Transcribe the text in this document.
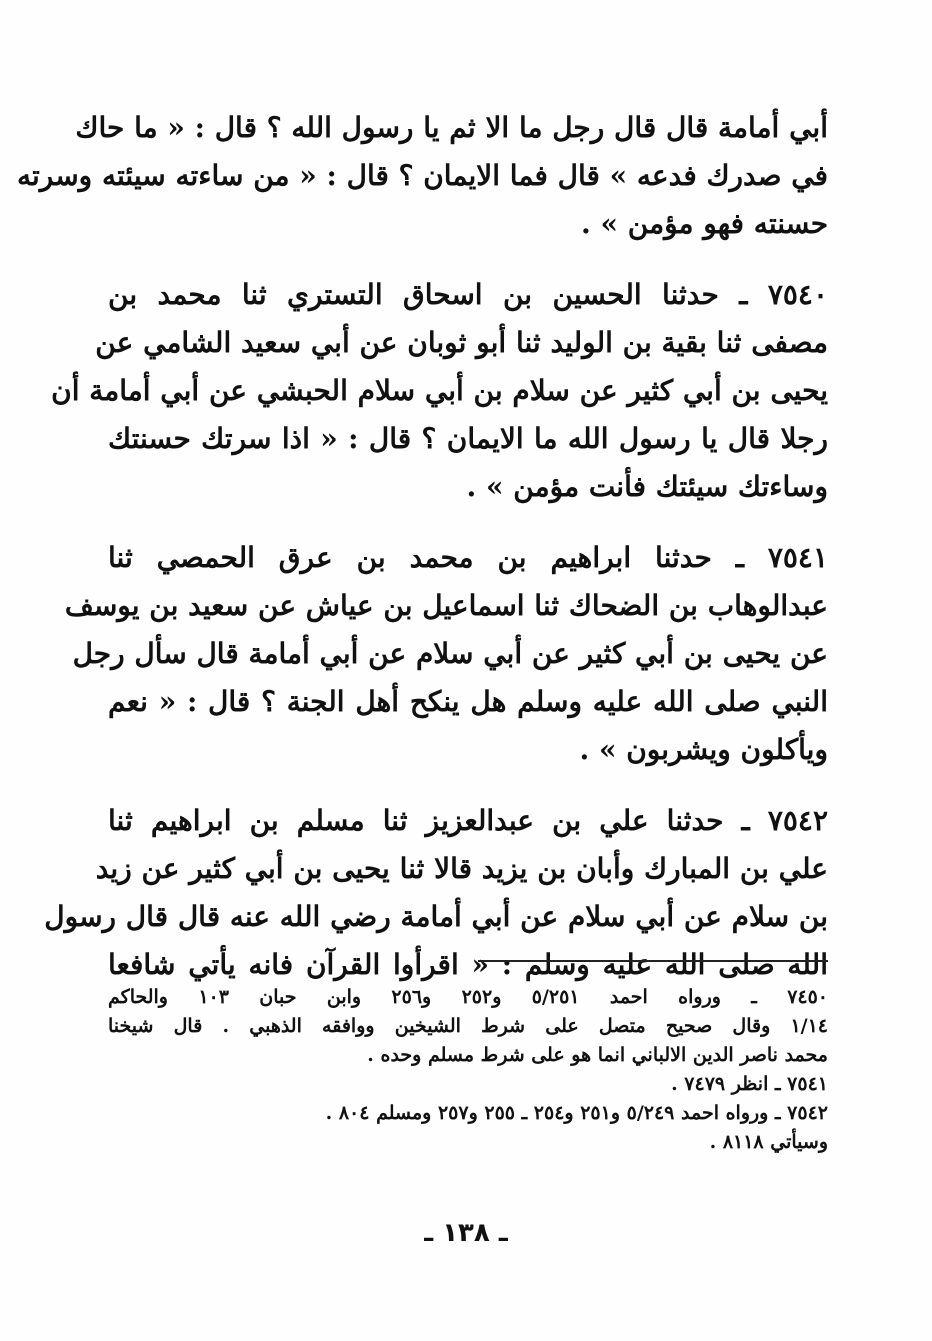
أبي أمامة قال قال رجل ما الا ثم يا رسول الله ؟ قال : « ما حاك
في صدرك فدعه » قال فما الايمان ؟ قال : « من ساءته سيئته وسرته
حسنته فهو مؤمن » .
٧٥٤٠ ـ حدثنا الحسين بن اسحاق التستري ثنا محمد بن
مصفى ثنا بقية بن الوليد ثنا أبو ثوبان عن أبي سعيد الشامي عن
يحيى بن أبي كثير عن سلام بن أبي سلام الحبشي عن أبي أمامة أن
رجلا قال يا رسول الله ما الايمان ؟ قال : « اذا سرتك حسنتك
وساءتك سيئتك فأنت مؤمن » .
٧٥٤١ ـ حدثنا ابراهيم بن محمد بن عرق الحمصي ثنا
عبدالوهاب بن الضحاك ثنا اسماعيل بن عياش عن سعيد بن يوسف
عن يحيى بن أبي كثير عن أبي سلام عن أبي أمامة قال سأل رجل
النبي صلى الله عليه وسلم هل ينكح أهل الجنة ؟ قال : « نعم
ويأكلون ويشربون » .
٧٥٤٢ ـ حدثنا علي بن عبدالعزيز ثنا مسلم بن ابراهيم ثنا
علي بن المبارك وأبان بن يزيد قالا ثنا يحيى بن أبي كثير عن زيد
بن سلام عن أبي سلام عن أبي أمامة رضي الله عنه قال قال رسول
الله صلى الله عليه وسلم : « اقرأوا القرآن فانه يأتي شافعا
٧٤٥٠ ـ ورواه احمد ٥/٢٥١ و٢٥٢ و٢٥٦ وابن حبان ١٠٣ والحاكم
١/١٤ وقال صحيح متصل على شرط الشيخين ووافقه الذهبي . قال شيخنا
محمد ناصر الدين الالباني انما هو على شرط مسلم وحده .
٧٥٤١ ـ انظر ٧٤٧٩ .
٧٥٤٢ ـ ورواه احمد ٥/٢٤٩ و٢٥١ و٢٥٤ ـ ٢٥٥ و٢٥٧ ومسلم ٨٠٤ .
وسيأتي ٨١١٨ .
ـ ١٣٨ ـ
